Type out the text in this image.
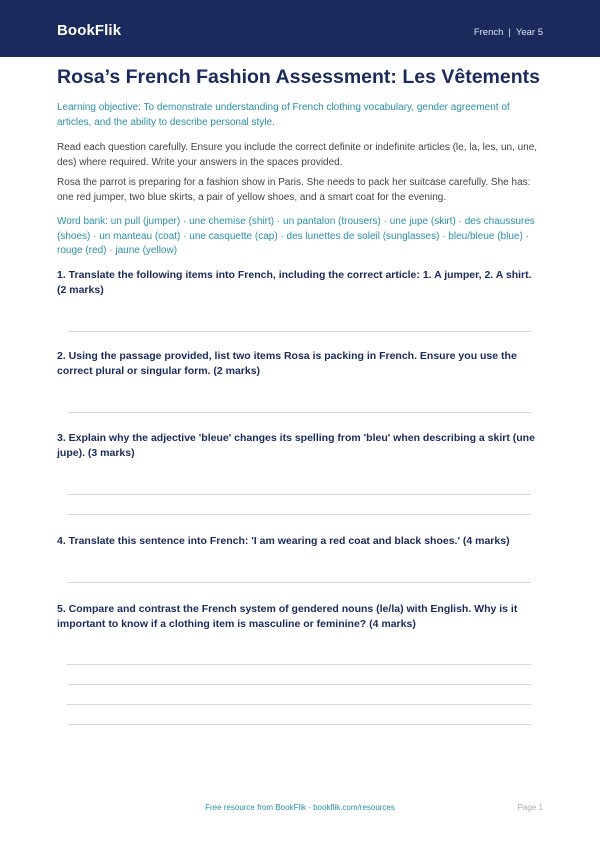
BookFlik	French | Year 5
Rosa’s French Fashion Assessment: Les Vêtements
Learning objective: To demonstrate understanding of French clothing vocabulary, gender agreement of articles, and the ability to describe personal style.
Read each question carefully. Ensure you include the correct definite or indefinite articles (le, la, les, un, une, des) where required. Write your answers in the spaces provided.
Rosa the parrot is preparing for a fashion show in Paris. She needs to pack her suitcase carefully. She has: one red jumper, two blue skirts, a pair of yellow shoes, and a smart coat for the evening.
Word bank: un pull (jumper) · une chemise (shirt) · un pantalon (trousers) · une jupe (skirt) · des chaussures (shoes) · un manteau (coat) · une casquette (cap) · des lunettes de soleil (sunglasses) · bleu/bleue (blue) · rouge (red) · jaune (yellow)
1. Translate the following items into French, including the correct article: 1. A jumper, 2. A shirt. (2 marks)
2. Using the passage provided, list two items Rosa is packing in French. Ensure you use the correct plural or singular form. (2 marks)
3. Explain why the adjective 'bleue' changes its spelling from 'bleu' when describing a skirt (une jupe). (3 marks)
4. Translate this sentence into French: 'I am wearing a red coat and black shoes.' (4 marks)
5. Compare and contrast the French system of gendered nouns (le/la) with English. Why is it important to know if a clothing item is masculine or feminine? (4 marks)
Free resource from BookFlik · bookflik.com/resources	Page 1
